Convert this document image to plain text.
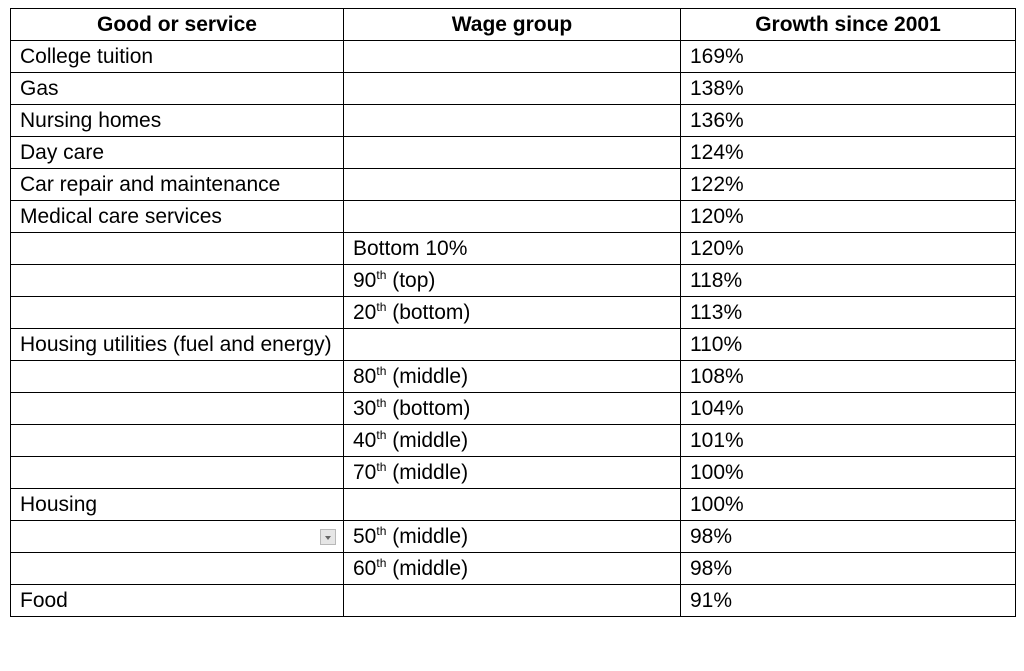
Good or service	Wage group	Growth since 2001
College tuition		169%
Gas		138%
Nursing homes		136%
Day care		124%
Car repair and maintenance		122%
Medical care services		120%
	Bottom 10%	120%
	90th (top)	118%
	20th (bottom)	113%
Housing utilities (fuel and energy)		110%
	80th (middle)	108%
	30th (bottom)	104%
	40th (middle)	101%
	70th (middle)	100%
Housing		100%
	50th (middle)	98%
	60th (middle)	98%
Food		91%
